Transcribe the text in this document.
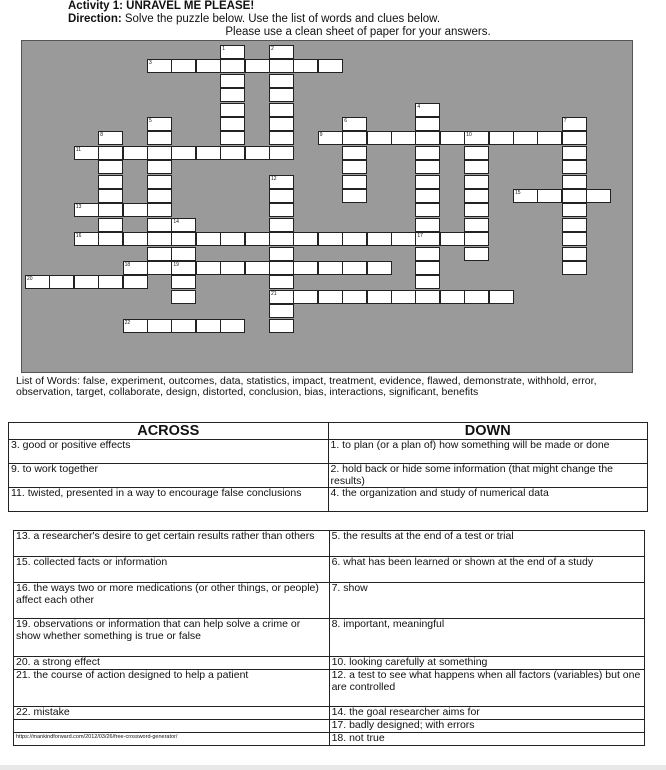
Activity 1: UNRAVEL ME PLEASE!
Direction: Solve the puzzle below. Use the list of words and clues below.
Please use a clean sheet of paper for your answers.
3
1	2
5
8
11
9	10
6
4
7
15
12
21
13
14
19
16	17
18
20
22
List of Words: false, experiment, outcomes, data, statistics, impact, treatment, evidence, flawed, demonstrate, withhold, error, observation, target, collaborate, design, distorted, conclusion, bias, interactions, significant, benefits
ACROSS	DOWN
3. good or positive effects	1. to plan (or a plan of) how something will be made or done
9. to work together	2. hold back or hide some information (that might change the results)
11. twisted, presented in a way to encourage false conclusions	4. the organization and study of numerical data
13. a researcher's desire to get certain results rather than others	5. the results at the end of a test or trial
15. collected facts or information	6. what has been learned or shown at the end of a study
16. the ways two or more medications (or other things, or people) affect each other	7. show
19. observations or information that can help solve a crime or show whether something is true or false	8. important, meaningful
20. a strong effect	10. looking carefully at something
21. the course of action designed to help a patient	12. a test to see what happens when all factors (variables) but one are controlled
22. mistake	14. the goal researcher aims for
	17. badly designed; with errors
https://mankindforward.com/2012/03/26/free-crossword-generator/	18. not true
